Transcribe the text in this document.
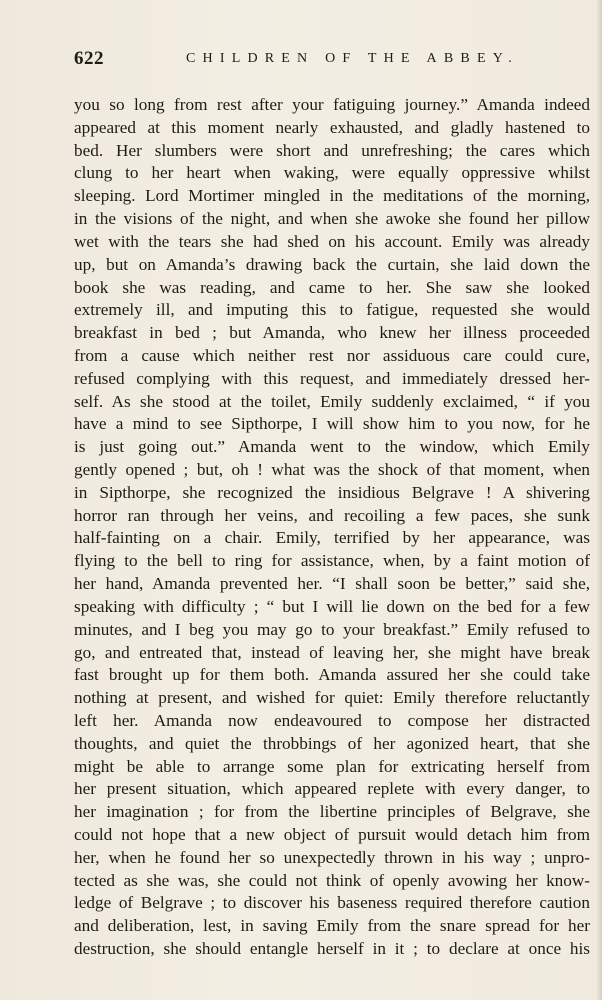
622	CHILDREN OF THE ABBEY.
you so long from rest after your fatiguing journey.” Amanda indeed
appeared at this moment nearly exhausted, and gladly hastened to
bed. Her slumbers were short and unrefreshing; the cares which
clung to her heart when waking, were equally oppressive whilst
sleeping. Lord Mortimer mingled in the meditations of the morning,
in the visions of the night, and when she awoke she found her pillow
wet with the tears she had shed on his account. Emily was already
up, but on Amanda’s drawing back the curtain, she laid down the
book she was reading, and came to her. She saw she looked
extremely ill, and imputing this to fatigue, requested she would
breakfast in bed ; but Amanda, who knew her illness proceeded
from a cause which neither rest nor assiduous care could cure,
refused complying with this request, and immediately dressed her-
self. As she stood at the toilet, Emily suddenly exclaimed, “ if you
have a mind to see Sipthorpe, I will show him to you now, for he
is just going out.” Amanda went to the window, which Emily
gently opened ; but, oh ! what was the shock of that moment, when
in Sipthorpe, she recognized the insidious Belgrave ! A shivering
horror ran through her veins, and recoiling a few paces, she sunk
half-fainting on a chair. Emily, terrified by her appearance, was
flying to the bell to ring for assistance, when, by a faint motion of
her hand, Amanda prevented her. “I shall soon be better,” said she,
speaking with difficulty ; “ but I will lie down on the bed for a few
minutes, and I beg you may go to your breakfast.” Emily refused to
go, and entreated that, instead of leaving her, she might have break
fast brought up for them both. Amanda assured her she could take
nothing at present, and wished for quiet: Emily therefore reluctantly
left her. Amanda now endeavoured to compose her distracted
thoughts, and quiet the throbbings of her agonized heart, that she
might be able to arrange some plan for extricating herself from
her present situation, which appeared replete with every danger, to
her imagination ; for from the libertine principles of Belgrave, she
could not hope that a new object of pursuit would detach him from
her, when he found her so unexpectedly thrown in his way ; unpro-
tected as she was, she could not think of openly avowing her know-
ledge of Belgrave ; to discover his baseness required therefore caution
and deliberation, lest, in saving Emily from the snare spread for her
destruction, she should entangle herself in it ; to declare at once his
